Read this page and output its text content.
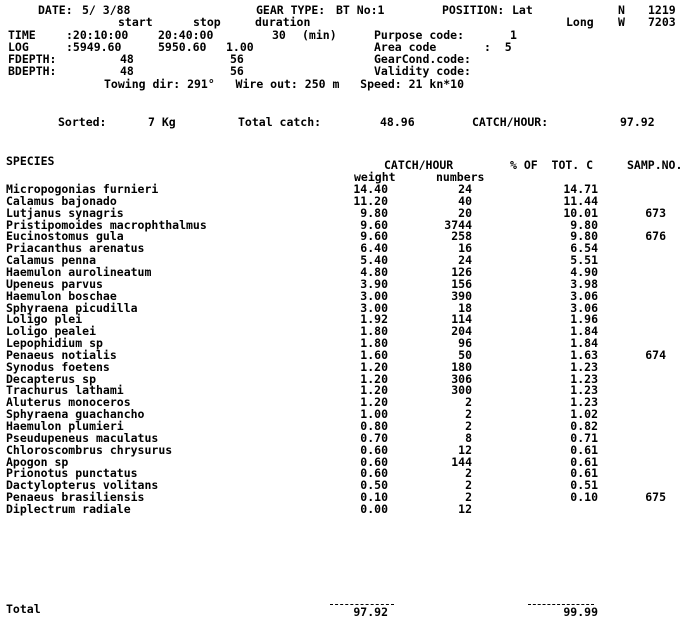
DATE: 5/ 3/88	GEAR TYPE: BT No:1	POSITION: Lat	N 1219
start	stop	duration	Long W 7203
TIME	:20:10:00	20:40:00	30 (min)	Purpose code:	1
LOG	:5949.60	5950.60 1.00	Area code	:  5
FDEPTH:	48	56	GearCond.code:
BDEPTH:	48	56	Validity code:
Towing dir: 291°   Wire out: 250 m   Speed: 21 kn*10
Sorted:	7 Kg	Total catch:	48.96	CATCH/HOUR:	97.92
SPECIES	CATCH/HOUR	% OF  TOT. C	SAMP.NO.
weight	numbers
Micropogonias furnieri	14.40	24	14.71
Calamus bajonado	11.20	40	11.44
Lutjanus synagris	9.80	20	10.01	673
Pristipomoides macrophthalmus	9.60	3744	9.80
Eucinostomus gula	9.60	258	9.80	676
Priacanthus arenatus	6.40	16	6.54
Calamus penna	5.40	24	5.51
Haemulon aurolineatum	4.80	126	4.90
Upeneus parvus	3.90	156	3.98
Haemulon boschae	3.00	390	3.06
Sphyraena picudilla	3.00	18	3.06
Loligo plei	1.92	114	1.96
Loligo pealei	1.80	204	1.84
Lepophidium sp	1.80	96	1.84
Penaeus notialis	1.60	50	1.63	674
Synodus foetens	1.20	180	1.23
Decapterus sp	1.20	306	1.23
Trachurus lathami	1.20	300	1.23
Aluterus monoceros	1.20	2	1.23
Sphyraena guachancho	1.00	2	1.02
Haemulon plumieri	0.80	2	0.82
Pseudupeneus maculatus	0.70	8	0.71
Chloroscombrus chrysurus	0.60	12	0.61
Apogon sp	0.60	144	0.61
Prionotus punctatus	0.60	2	0.61
Dactylopterus volitans	0.50	2	0.51
Penaeus brasiliensis	0.10	2	0.10	675
Diplectrum radiale	0.00	12
Total	97.92	99.99
